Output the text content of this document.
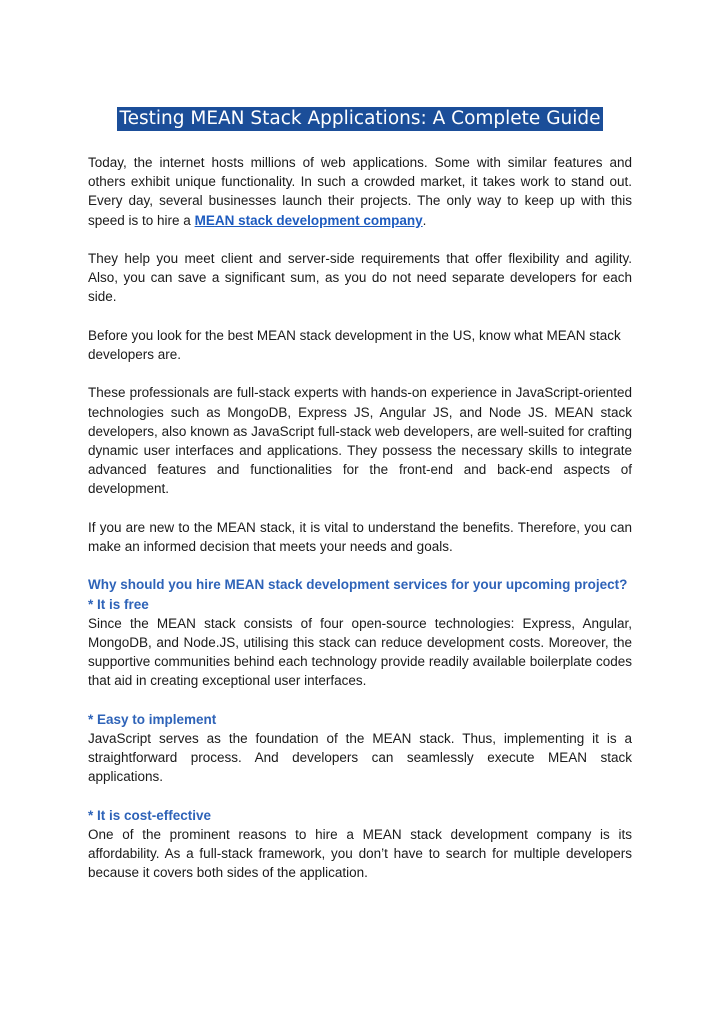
Testing MEAN Stack Applications: A Complete Guide

Today, the internet hosts millions of web applications. Some with similar features and others exhibit unique functionality. In such a crowded market, it takes work to stand out. Every day, several businesses launch their projects. The only way to keep up with this speed is to hire a MEAN stack development company.

They help you meet client and server-side requirements that offer flexibility and agility. Also, you can save a significant sum, as you do not need separate developers for each side.

Before you look for the best MEAN stack development in the US, know what MEAN stack developers are.

These professionals are full-stack experts with hands-on experience in JavaScript-oriented technologies such as MongoDB, Express JS, Angular JS, and Node JS. MEAN stack developers, also known as JavaScript full-stack web developers, are well-suited for crafting dynamic user interfaces and applications. They possess the necessary skills to integrate advanced features and functionalities for the front-end and back-end aspects of development.

If you are new to the MEAN stack, it is vital to understand the benefits. Therefore, you can make an informed decision that meets your needs and goals.

Why should you hire MEAN stack development services for your upcoming project?
* It is free
Since the MEAN stack consists of four open-source technologies: Express, Angular, MongoDB, and Node.JS, utilising this stack can reduce development costs. Moreover, the supportive communities behind each technology provide readily available boilerplate codes that aid in creating exceptional user interfaces.
* Easy to implement
JavaScript serves as the foundation of the MEAN stack. Thus, implementing it is a straightforward process. And developers can seamlessly execute MEAN stack applications.
* It is cost-effective
One of the prominent reasons to hire a MEAN stack development company is its affordability. As a full-stack framework, you don’t have to search for multiple developers because it covers both sides of the application.
